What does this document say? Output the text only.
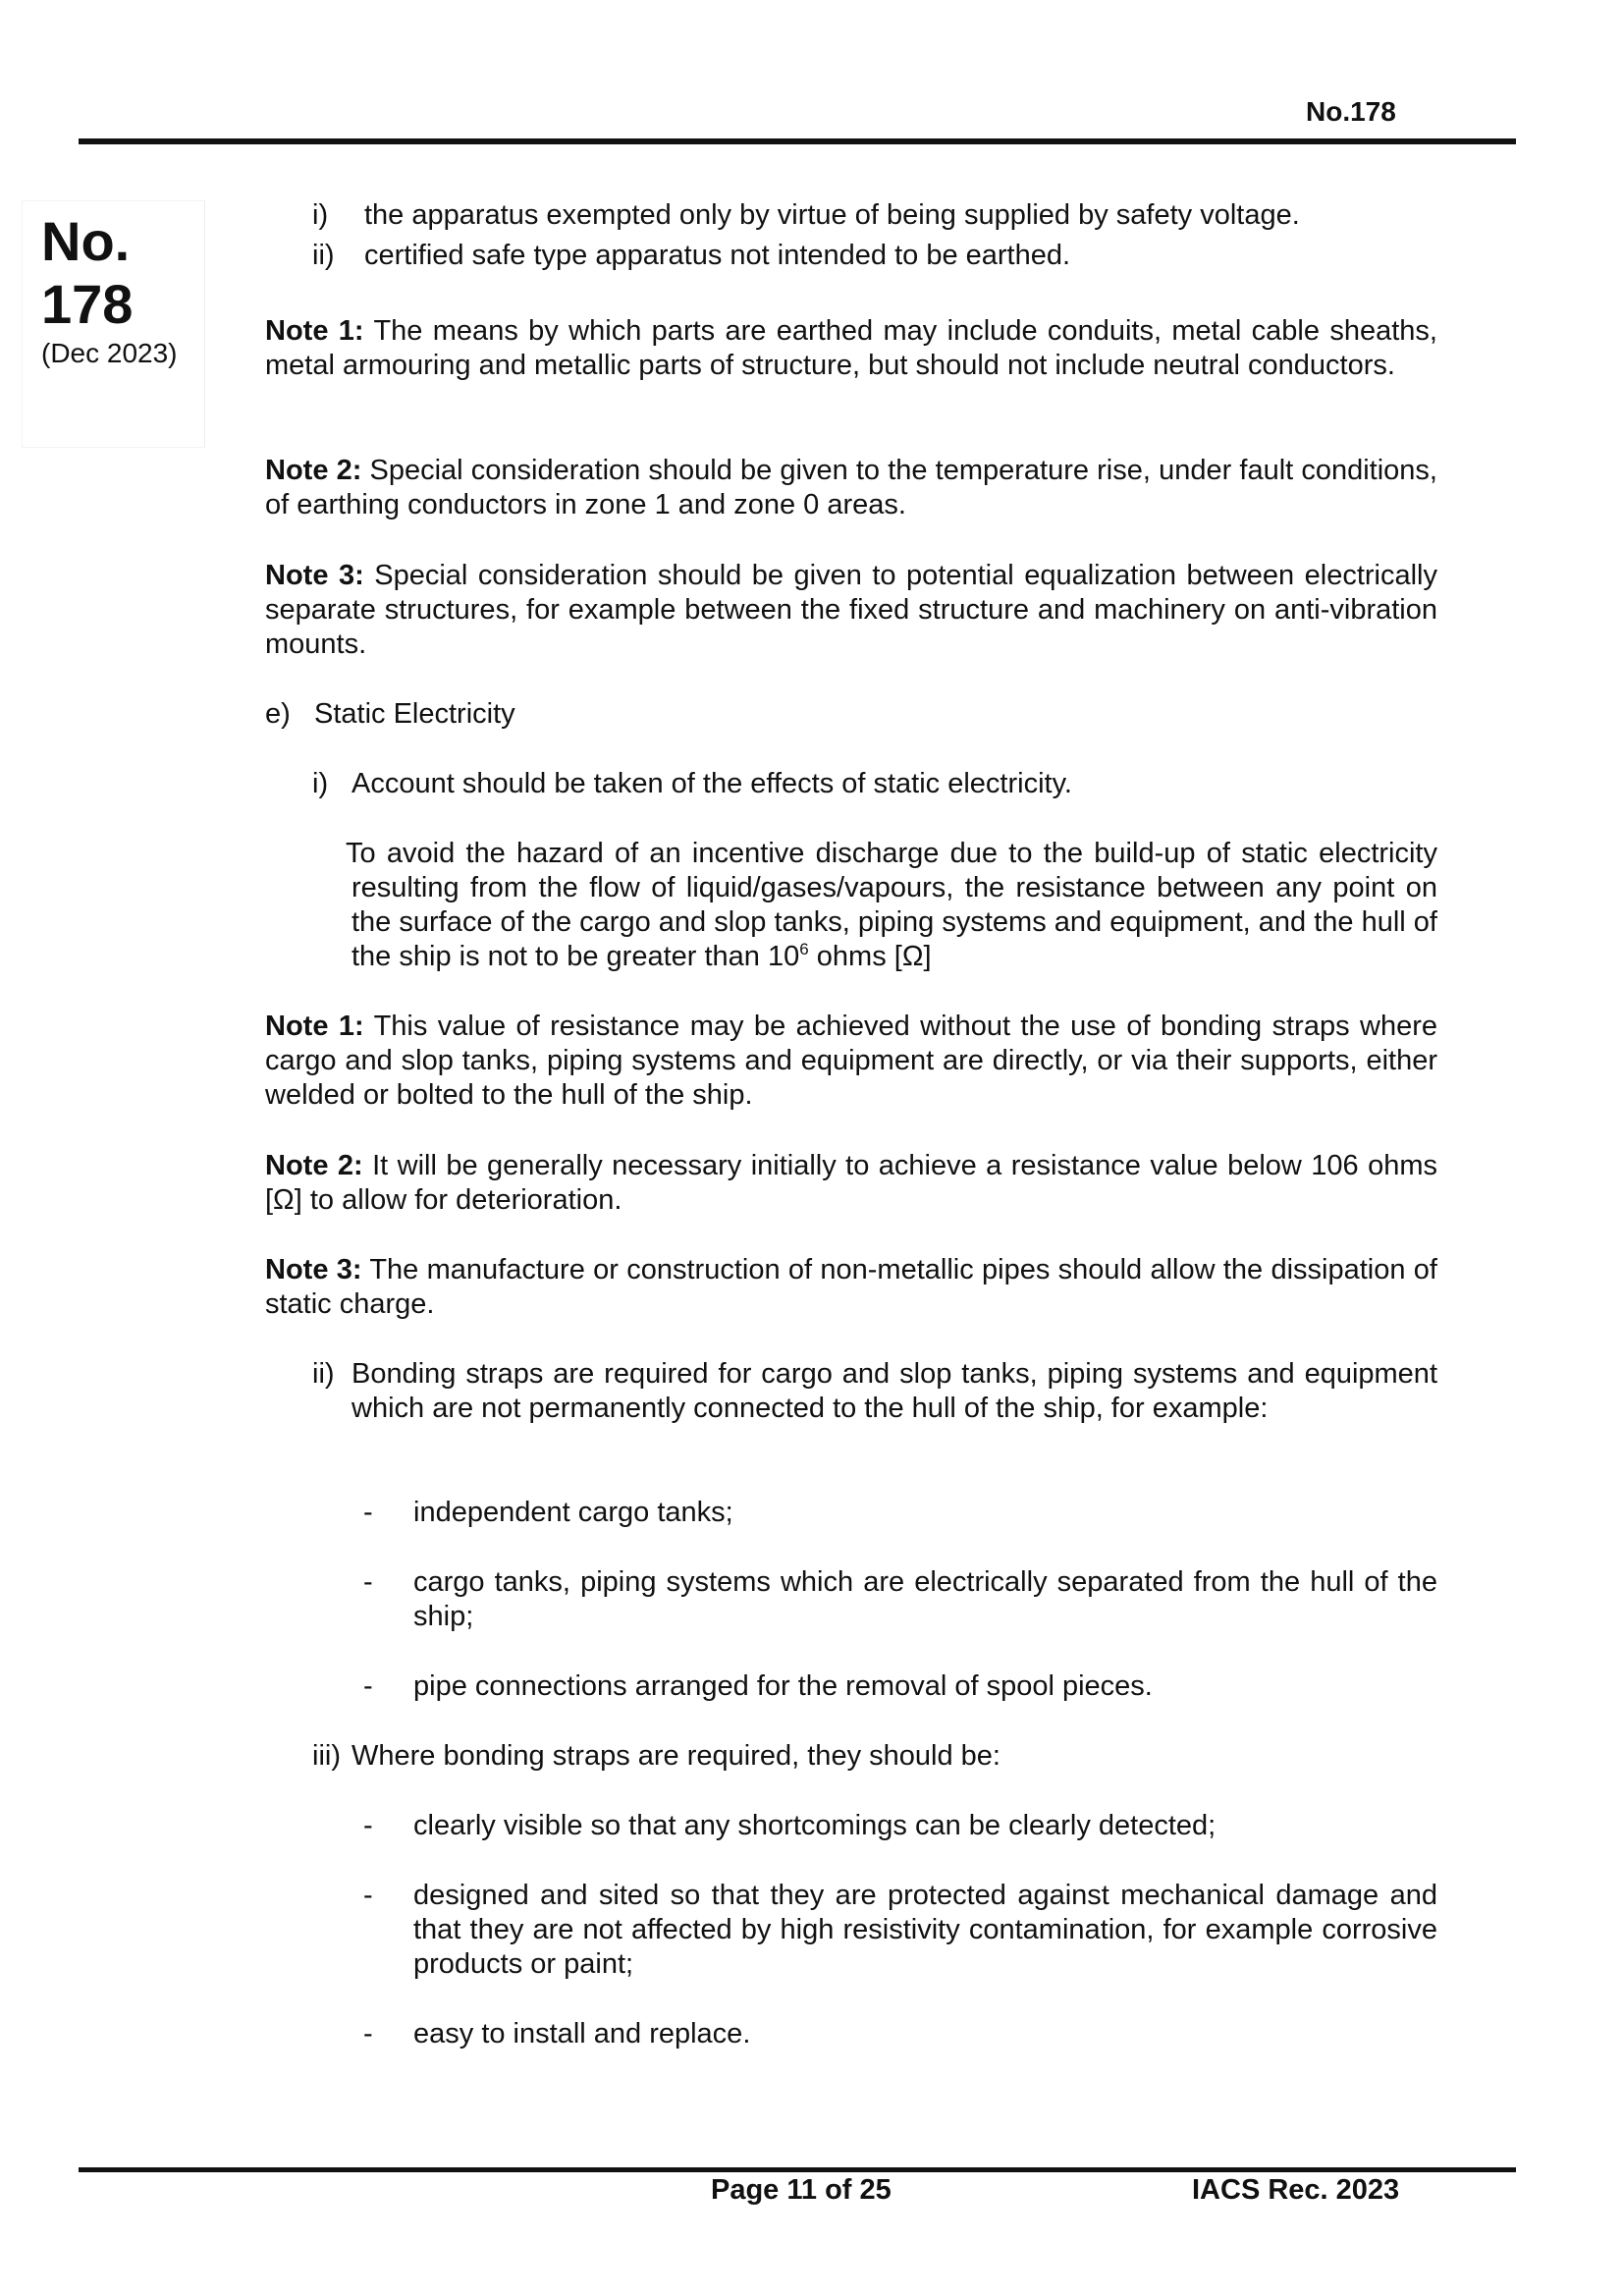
No.178
No.
178
(Dec 2023)
i) the apparatus exempted only by virtue of being supplied by safety voltage.
ii) certified safe type apparatus not intended to be earthed.
Note 1: The means by which parts are earthed may include conduits, metal cable sheaths, metal armouring and metallic parts of structure, but should not include neutral conductors.
Note 2: Special consideration should be given to the temperature rise, under fault conditions, of earthing conductors in zone 1 and zone 0 areas.
Note 3: Special consideration should be given to potential equalization between electrically separate structures, for example between the fixed structure and machinery on anti-vibration mounts.
e) Static Electricity
i) Account should be taken of the effects of static electricity.
To avoid the hazard of an incentive discharge due to the build-up of static electricity resulting from the flow of liquid/gases/vapours, the resistance between any point on the surface of the cargo and slop tanks, piping systems and equipment, and the hull of the ship is not to be greater than $10^6$ ohms [Ω]
Note 1: This value of resistance may be achieved without the use of bonding straps where cargo and slop tanks, piping systems and equipment are directly, or via their supports, either welded or bolted to the hull of the ship.
Note 2: It will be generally necessary initially to achieve a resistance value below 106 ohms [Ω] to allow for deterioration.
Note 3: The manufacture or construction of non-metallic pipes should allow the dissipation of static charge.
ii) Bonding straps are required for cargo and slop tanks, piping systems and equipment which are not permanently connected to the hull of the ship, for example:
- independent cargo tanks;
- cargo tanks, piping systems which are electrically separated from the hull of the ship;
- pipe connections arranged for the removal of spool pieces.
iii) Where bonding straps are required, they should be:
- clearly visible so that any shortcomings can be clearly detected;
- designed and sited so that they are protected against mechanical damage and that they are not affected by high resistivity contamination, for example corrosive products or paint;
- easy to install and replace.
Page 11 of 25	IACS Rec. 2023
